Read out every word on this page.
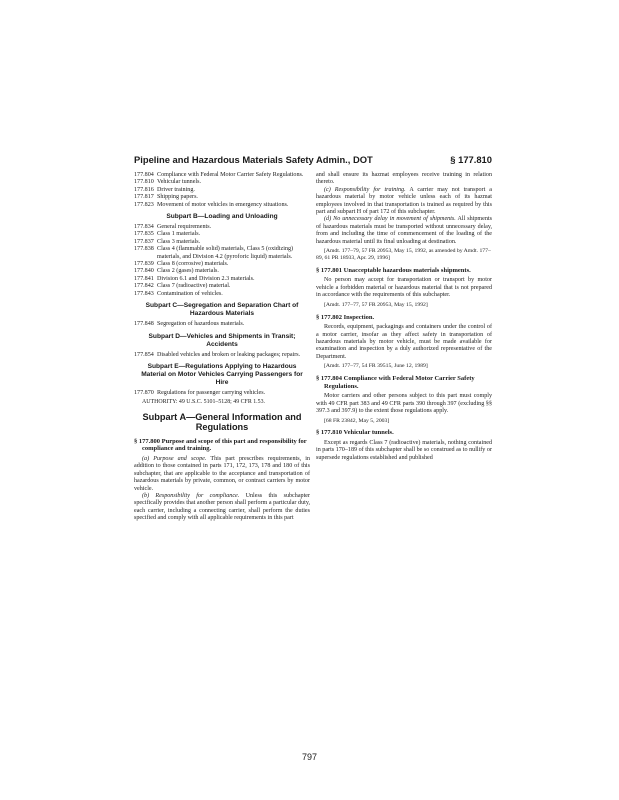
Pipeline and Hazardous Materials Safety Admin., DOT	§ 177.810
177.804 Compliance with Federal Motor Carrier Safety Regulations.
177.810 Vehicular tunnels.
177.816 Driver training.
177.817 Shipping papers.
177.823 Movement of motor vehicles in emergency situations.
Subpart B—Loading and Unloading
177.834 General requirements.
177.835 Class 1 materials.
177.837 Class 3 materials.
177.838 Class 4 (flammable solid) materials, Class 5 (oxidizing) materials, and Division 4.2 (pyroforic liquid) materials.
177.839 Class 8 (corrosive) materials.
177.840 Class 2 (gases) materials.
177.841 Division 6.1 and Division 2.3 materials.
177.842 Class 7 (radioactive) material.
177.843 Contamination of vehicles.
Subpart C—Segregation and Separation Chart of Hazardous Materials
177.848 Segregation of hazardous materials.
Subpart D—Vehicles and Shipments in Transit; Accidents
177.854 Disabled vehicles and broken or leaking packages; repairs.
Subpart E—Regulations Applying to Hazardous Material on Motor Vehicles Carrying Passengers for Hire
177.870 Regulations for passenger carrying vehicles.

AUTHORITY: 49 U.S.C. 5101–5128; 49 CFR 1.53.

Subpart A—General Information and Regulations
§ 177.800 Purpose and scope of this part and responsibility for compliance and training.

(a) Purpose and scope. This part prescribes requirements, in addition to those contained in parts 171, 172, 173, 178 and 180 of this subchapter, that are applicable to the acceptance and transportation of hazardous materials by private, common, or contract carriers by motor vehicle.

(b) Responsibility for compliance. Unless this subchapter specifically provides that another person shall perform a particular duty, each carrier, including a connecting carrier, shall perform the duties specified and comply with all applicable requirements in this part

and shall ensure its hazmat employees receive training in relation thereto.

(c) Responsibility for training. A carrier may not transport a hazardous material by motor vehicle unless each of its hazmat employees involved in that transportation is trained as required by this part and subpart H of part 172 of this subchapter.

(d) No unnecessary delay in movement of shipments. All shipments of hazardous materials must be transported without unnecessary delay, from and including the time of commencement of the loading of the hazardous material until its final unloading at destination.

[Amdt. 177–79, 57 FR 20953, May 15, 1992, as amended by Amdt. 177–89, 61 PR 18933, Apr. 29, 1996]

§ 177.801 Unacceptable hazardous materials shipments.

No person may accept for transportation or transport by motor vehicle a forbidden material or hazardous material that is not prepared in accordance with the requirements of this subchapter.

[Amdt. 177–77, 57 FR 20953, May 15, 1992]

§ 177.802 Inspection.

Records, equipment, packagings and containers under the control of a motor carrier, insofar as they affect safety in transportation of hazardous materials by motor vehicle, must be made available for examination and inspection by a duly authorized representative of the Department.

[Amdt. 177–77, 54 FR 39515, June 12, 1989]

§ 177.804 Compliance with Federal Motor Carrier Safety Regulations.

Motor carriers and other persons subject to this part must comply with 49 CFR part 383 and 49 CFR parts 390 through 397 (excluding §§ 397.3 and 397.9) to the extent those regulations apply.

[68 FR 23842, May 5, 2003]

§ 177.810 Vehicular tunnels.

Except as regards Class 7 (radioactive) materials, nothing contained in parts 170–189 of this subchapter shall be so construed as to nullify or supersede regulations established and published

797
